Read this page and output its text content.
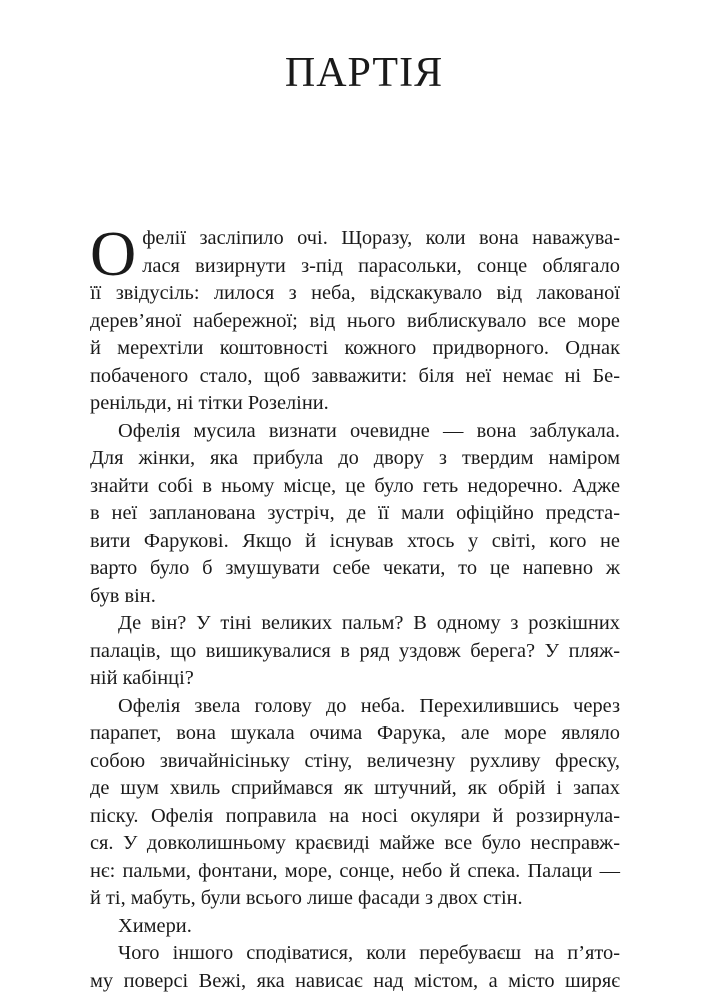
ПАРТІЯ
О фелії засліпило очі. Щоразу, коли вона наважува-
лася визирнути з-під парасольки, сонце облягало
її звідусіль: лилося з неба, відскакувало від лакованої
дерев’яної набережної; від нього виблискувало все море
й мерехтіли коштовності кожного придворного. Однак
побаченого стало, щоб завважити: біля неї немає ні Бе-
ренільди, ні тітки Розеліни.
Офелія мусила визнати очевидне — вона заблукала.
Для жінки, яка прибула до двору з твердим наміром
знайти собі в ньому місце, це було геть недоречно. Адже
в неї запланована зустріч, де її мали офіційно предста-
вити Фарукові. Якщо й існував хтось у світі, кого не
варто було б змушувати себе чекати, то це напевно ж
був він.
Де він? У тіні великих пальм? В одному з розкішних
палаців, що вишикувалися в ряд уздовж берега? У пляж-
ній кабінці?
Офелія звела голову до неба. Перехилившись через
парапет, вона шукала очима Фарука, але море являло
собою звичайнісіньку стіну, величезну рухливу фреску,
де шум хвиль сприймався як штучний, як обрій і запах
піску. Офелія поправила на носі окуляри й роззирнула-
ся. У довколишньому краєвиді майже все було несправж-
нє: пальми, фонтани, море, сонце, небо й спека. Палаци —
й ті, мабуть, були всього лише фасади з двох стін.
Химери.
Чого іншого сподіватися, коли перебуваєш на п’ято-
му поверсі Вежі, яка нависає над містом, а місто ширяє
